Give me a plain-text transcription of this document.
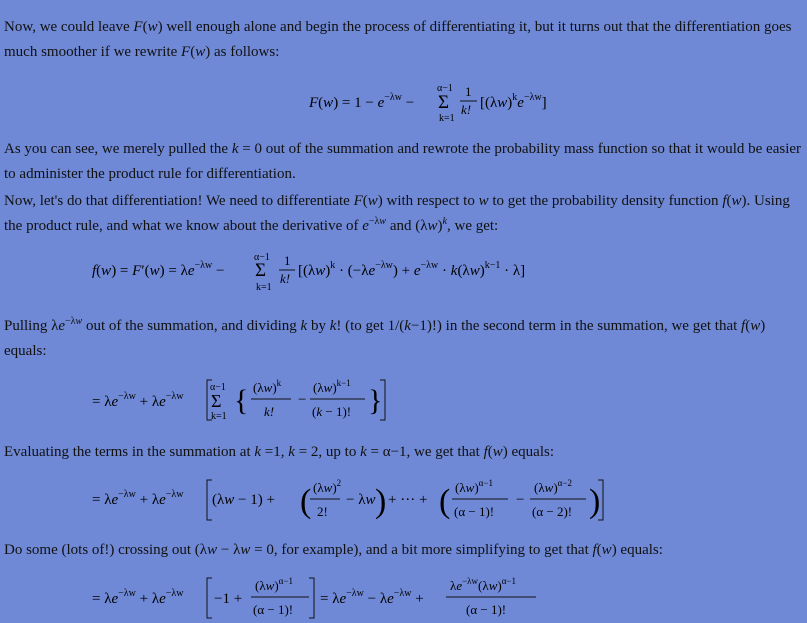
Now, we could leave F(w) well enough alone and begin the process of differentiating it, but it turns out that the differentiation goes much smoother if we rewrite F(w) as follows:
$F(w) = 1 - e^{-\lambda w}$ −
α−1
Σ
k=1
1
k! $[(\lambda w)^ke^{-\lambda w}]$
As you can see, we merely pulled the k = 0 out of the summation and rewrote the probability mass function so that it would be easier to administer the product rule for differentiation.
Now, let's do that differentiation! We need to differentiate F(w) with respect to w to get the probability density function f(w). Using the product rule, and what we know about the derivative of $e^{-\lambda w}$ and $(\lambda w)^k$, we get:
$f(w) = F'(w) = \lambda e^{-\lambda w}$ −
α−1
Σ
k=1
1
k! $[(\lambda w)^k \cdot (-\lambda e^{-\lambda w}) + e^{-\lambda w} \cdot k(\lambda w)^{k-1} \cdot \lambda]$
Pulling $\lambda e^{-\lambda w}$ out of the summation, and dividing k by k! (to get 1/(k−1)!) in the second term in the summation, we get that f(w) equals:
= $\lambda e^{-\lambda w} + \lambda e^{-\lambda w}$
α−1
Σ
k=1 { $(\lambda w)^k$
k!
−
$(\lambda w)^{k-1}$
(k − 1)! }
Evaluating the terms in the summation at k =1, k = 2, up to k = α−1, we get that f(w) equals:
= $\lambda e^{-\lambda w} + \lambda e^{-\lambda w}$ (λw − 1) + ( $(\lambda w)^2$
2!
− λw ) + ··· + ( $(\lambda w)^{\alpha-1}$
(α − 1)!
−
$(\lambda w)^{\alpha-2}$
(α − 2)! )
Do some (lots of!) crossing out (λw − λw = 0, for example), and a bit more simplifying to get that f(w) equals:
= $\lambda e^{-\lambda w} + \lambda e^{-\lambda w} -1$ +
$(\lambda w)^{\alpha-1}$
(α − 1)!
= $\lambda e^{-\lambda w} - \lambda e^{-\lambda w}$ +
$\lambda e^{-\lambda w}(\lambda w)^{\alpha-1}$
(α − 1)!
